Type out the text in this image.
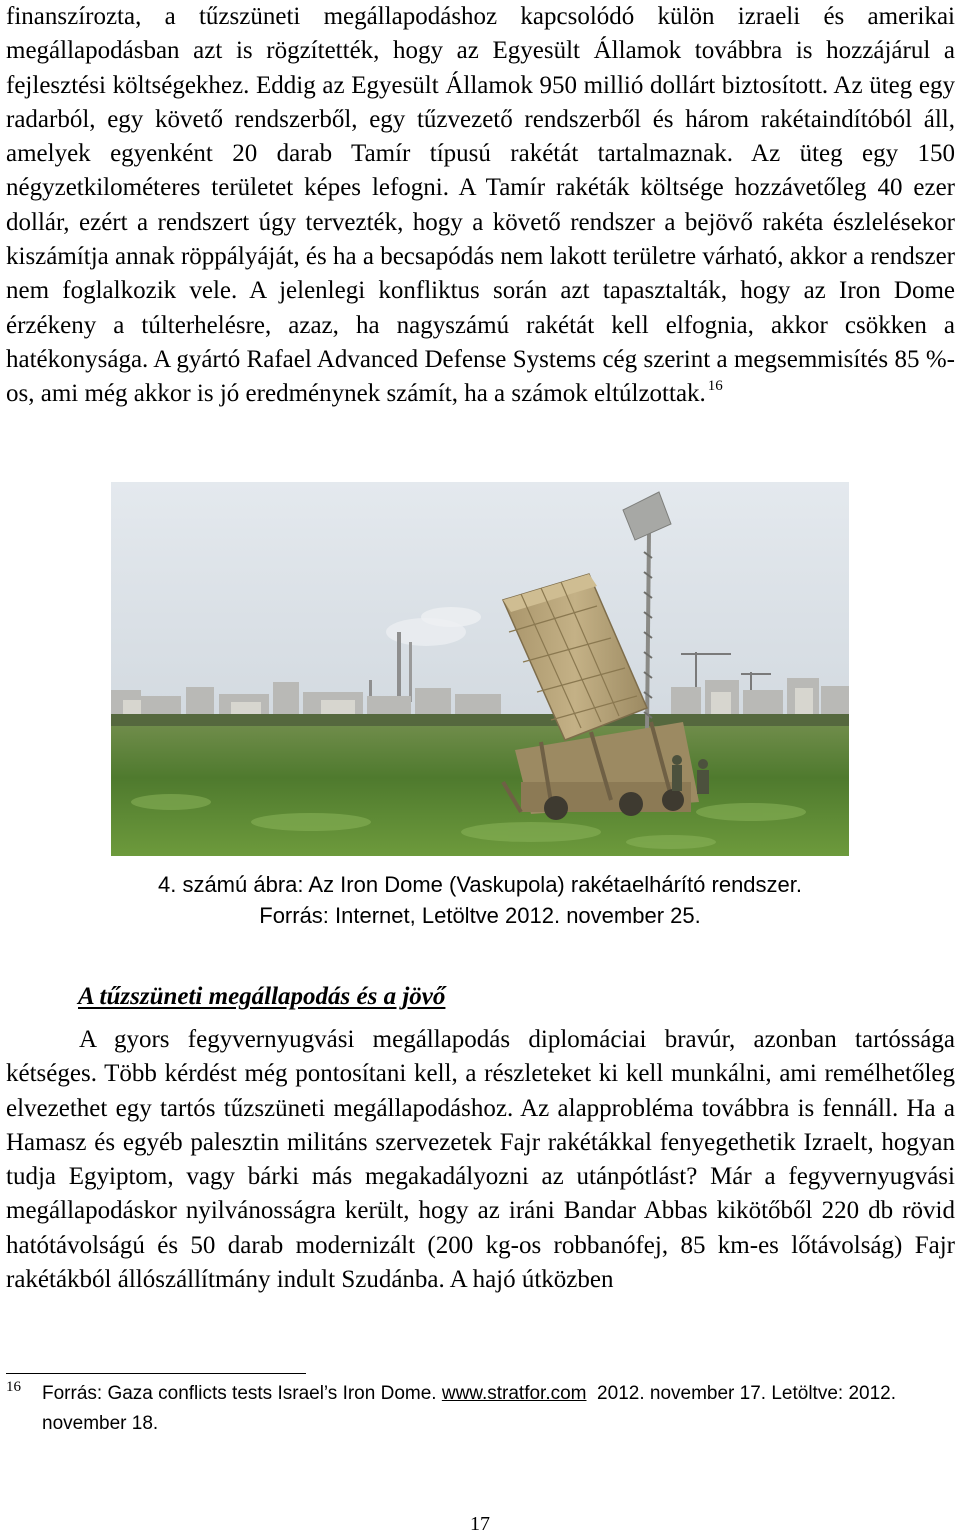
finanszírozta, a tűzszüneti megállapodáshoz kapcsolódó külön izraeli és amerikai megállapodásban azt is rögzítették, hogy az Egyesült Államok továbbra is hozzájárul a fejlesztési költségekhez. Eddig az Egyesült Államok 950 millió dollárt biztosított. Az üteg egy radarból, egy követő rendszerből, egy tűzvezető rendszerből és három rakétaindítóból áll, amelyek egyenként 20 darab Tamír típusú rakétát tartalmaznak. Az üteg egy 150 négyzetkilométeres területet képes lefogni. A Tamír rakéták költsége hozzávetőleg 40 ezer dollár, ezért a rendszert úgy tervezték, hogy a követő rendszer a bejövő rakéta észlelésekor kiszámítja annak röppályáját, és ha a becsapódás nem lakott területre várható, akkor a rendszer nem foglalkozik vele. A jelenlegi konfliktus során azt tapasztalták, hogy az Iron Dome érzékeny a túlterhelésre, azaz, ha nagyszámú rakétát kell elfognia, akkor csökken a hatékonysága. A gyártó Rafael Advanced Defense Systems cég szerint a megsemmisítés 85 %-os, ami még akkor is jó eredménynek számít, ha a számok eltúlzottak. $^{16}$

4. számú ábra: Az Iron Dome (Vaskupola) rakétaelhárító rendszer.
Forrás: Internet, Letöltve 2012. november 25.
A tűzszüneti megállapodás és a jövő

A gyors fegyvernyugvási megállapodás diplomáciai bravúr, azonban tartóssága kétséges. Több kérdést még pontosítani kell, a részleteket ki kell munkálni, ami remélhetőleg elvezethet egy tartós tűzszüneti megállapodáshoz. Az alapprobléma továbbra is fennáll. Ha a Hamasz és egyéb palesztin militáns szervezetek Fajr rakétákkal fenyegethetik Izraelt, hogyan tudja Egyiptom, vagy bárki más megakadályozni az utánpótlást? Már a fegyvernyugvási megállapodáskor nyilvánosságra került, hogy az iráni Bandar Abbas kikötőből 220 db rövid hatótávolságú és 50 darab modernizált (200 kg-os robbanófej, 85 km-es lőtávolság) Fajr rakétákból állószállítmány indult Szudánba. A hajó útközben

16 Forrás: Gaza conflicts tests Israel’s Iron Dome. www.stratfor.com  2012. november 17. Letöltve: 2012. november 18.
17
